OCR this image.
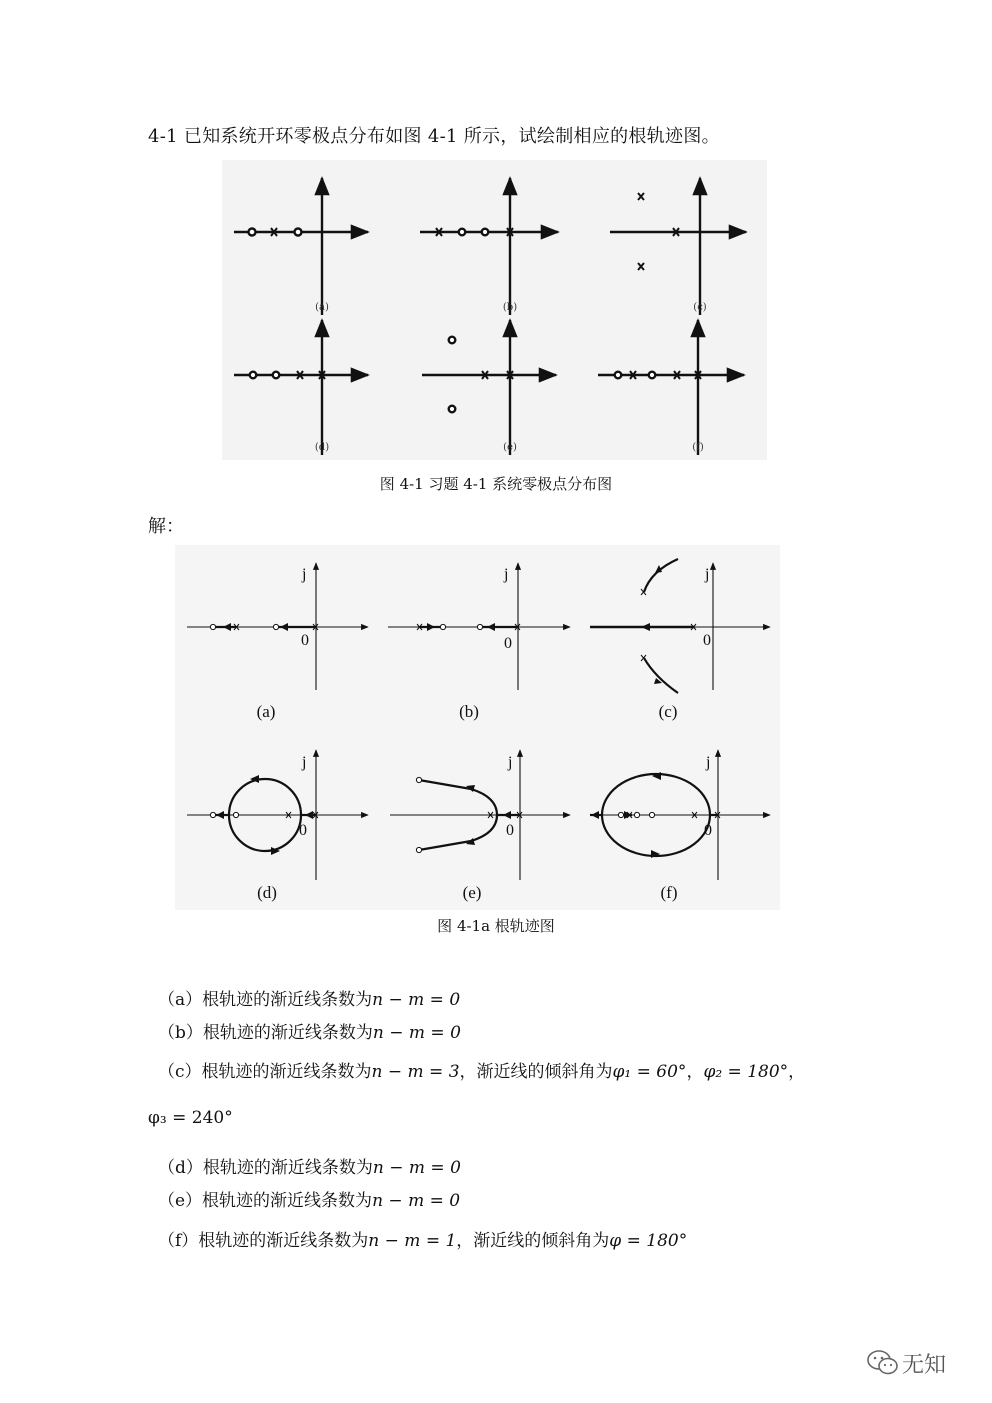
4-1 已知系统开环零极点分布如图 4-1 所示，试绘制相应的根轨迹图。
(a)	(b)	(c)
(d)	(e)	(f)
图 4-1 习题 4-1 系统零极点分布图
解：
j	j	j
j	j	j
0	0	0
0	0	0
(a)	(b)	(c)
(d)	(e)	(f)
图 4-1a 根轨迹图
（a）根轨迹的渐近线条数为n − m = 0
（b）根轨迹的渐近线条数为n − m = 0
（c）根轨迹的渐近线条数为n − m = 3，渐近线的倾斜角为φ₁ = 60°，φ₂ = 180°，
φ₃ = 240°
（d）根轨迹的渐近线条数为n − m = 0
（e）根轨迹的渐近线条数为n − m = 0
（f）根轨迹的渐近线条数为n − m = 1，渐近线的倾斜角为φ = 180°
无知
